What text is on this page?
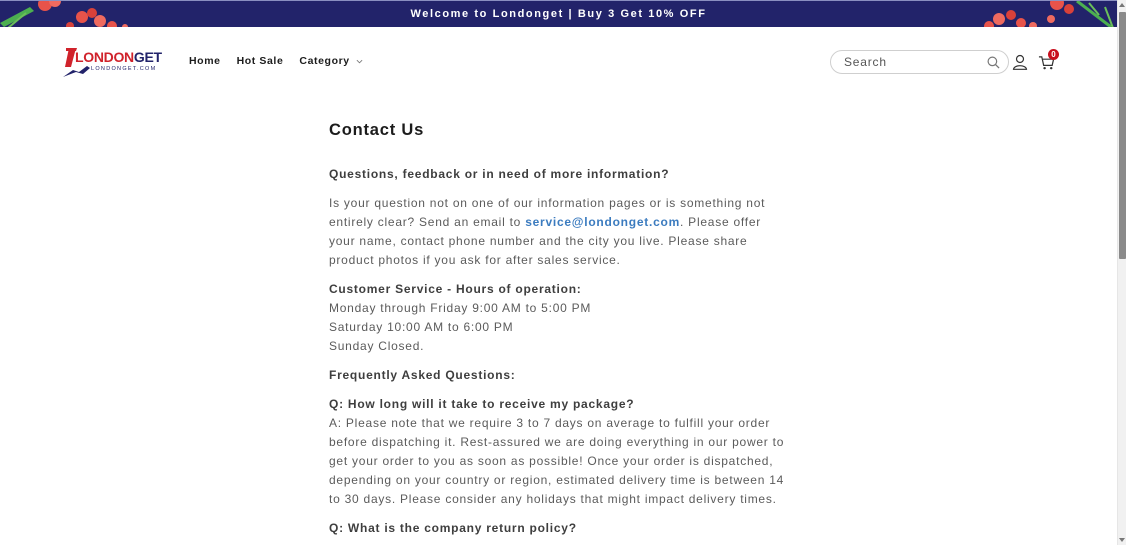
Welcome to Londonget | Buy 3 Get 10% OFF
LONDONGET
LONDONGET.COM
Home Hot Sale Category
Search
0
Contact Us

Questions, feedback or in need of more information?

Is your question not on one of our information pages or is something not entirely clear? Send an email to service@londonget.com. Please offer your name, contact phone number and the city you live. Please share product photos if you ask for after sales service.

Customer Service - Hours of operation:

Monday through Friday 9:00 AM to 5:00 PM

Saturday 10:00 AM to 6:00 PM

Sunday Closed.

Frequently Asked Questions:

Q: How long will it take to receive my package?

A: Please note that we require 3 to 7 days on average to fulfill your order before dispatching it. Rest-assured we are doing everything in our power to get your order to you as soon as possible! Once your order is dispatched, depending on your country or region, estimated delivery time is between 14 to 30 days. Please consider any holidays that might impact delivery times.

Q: What is the company return policy?
